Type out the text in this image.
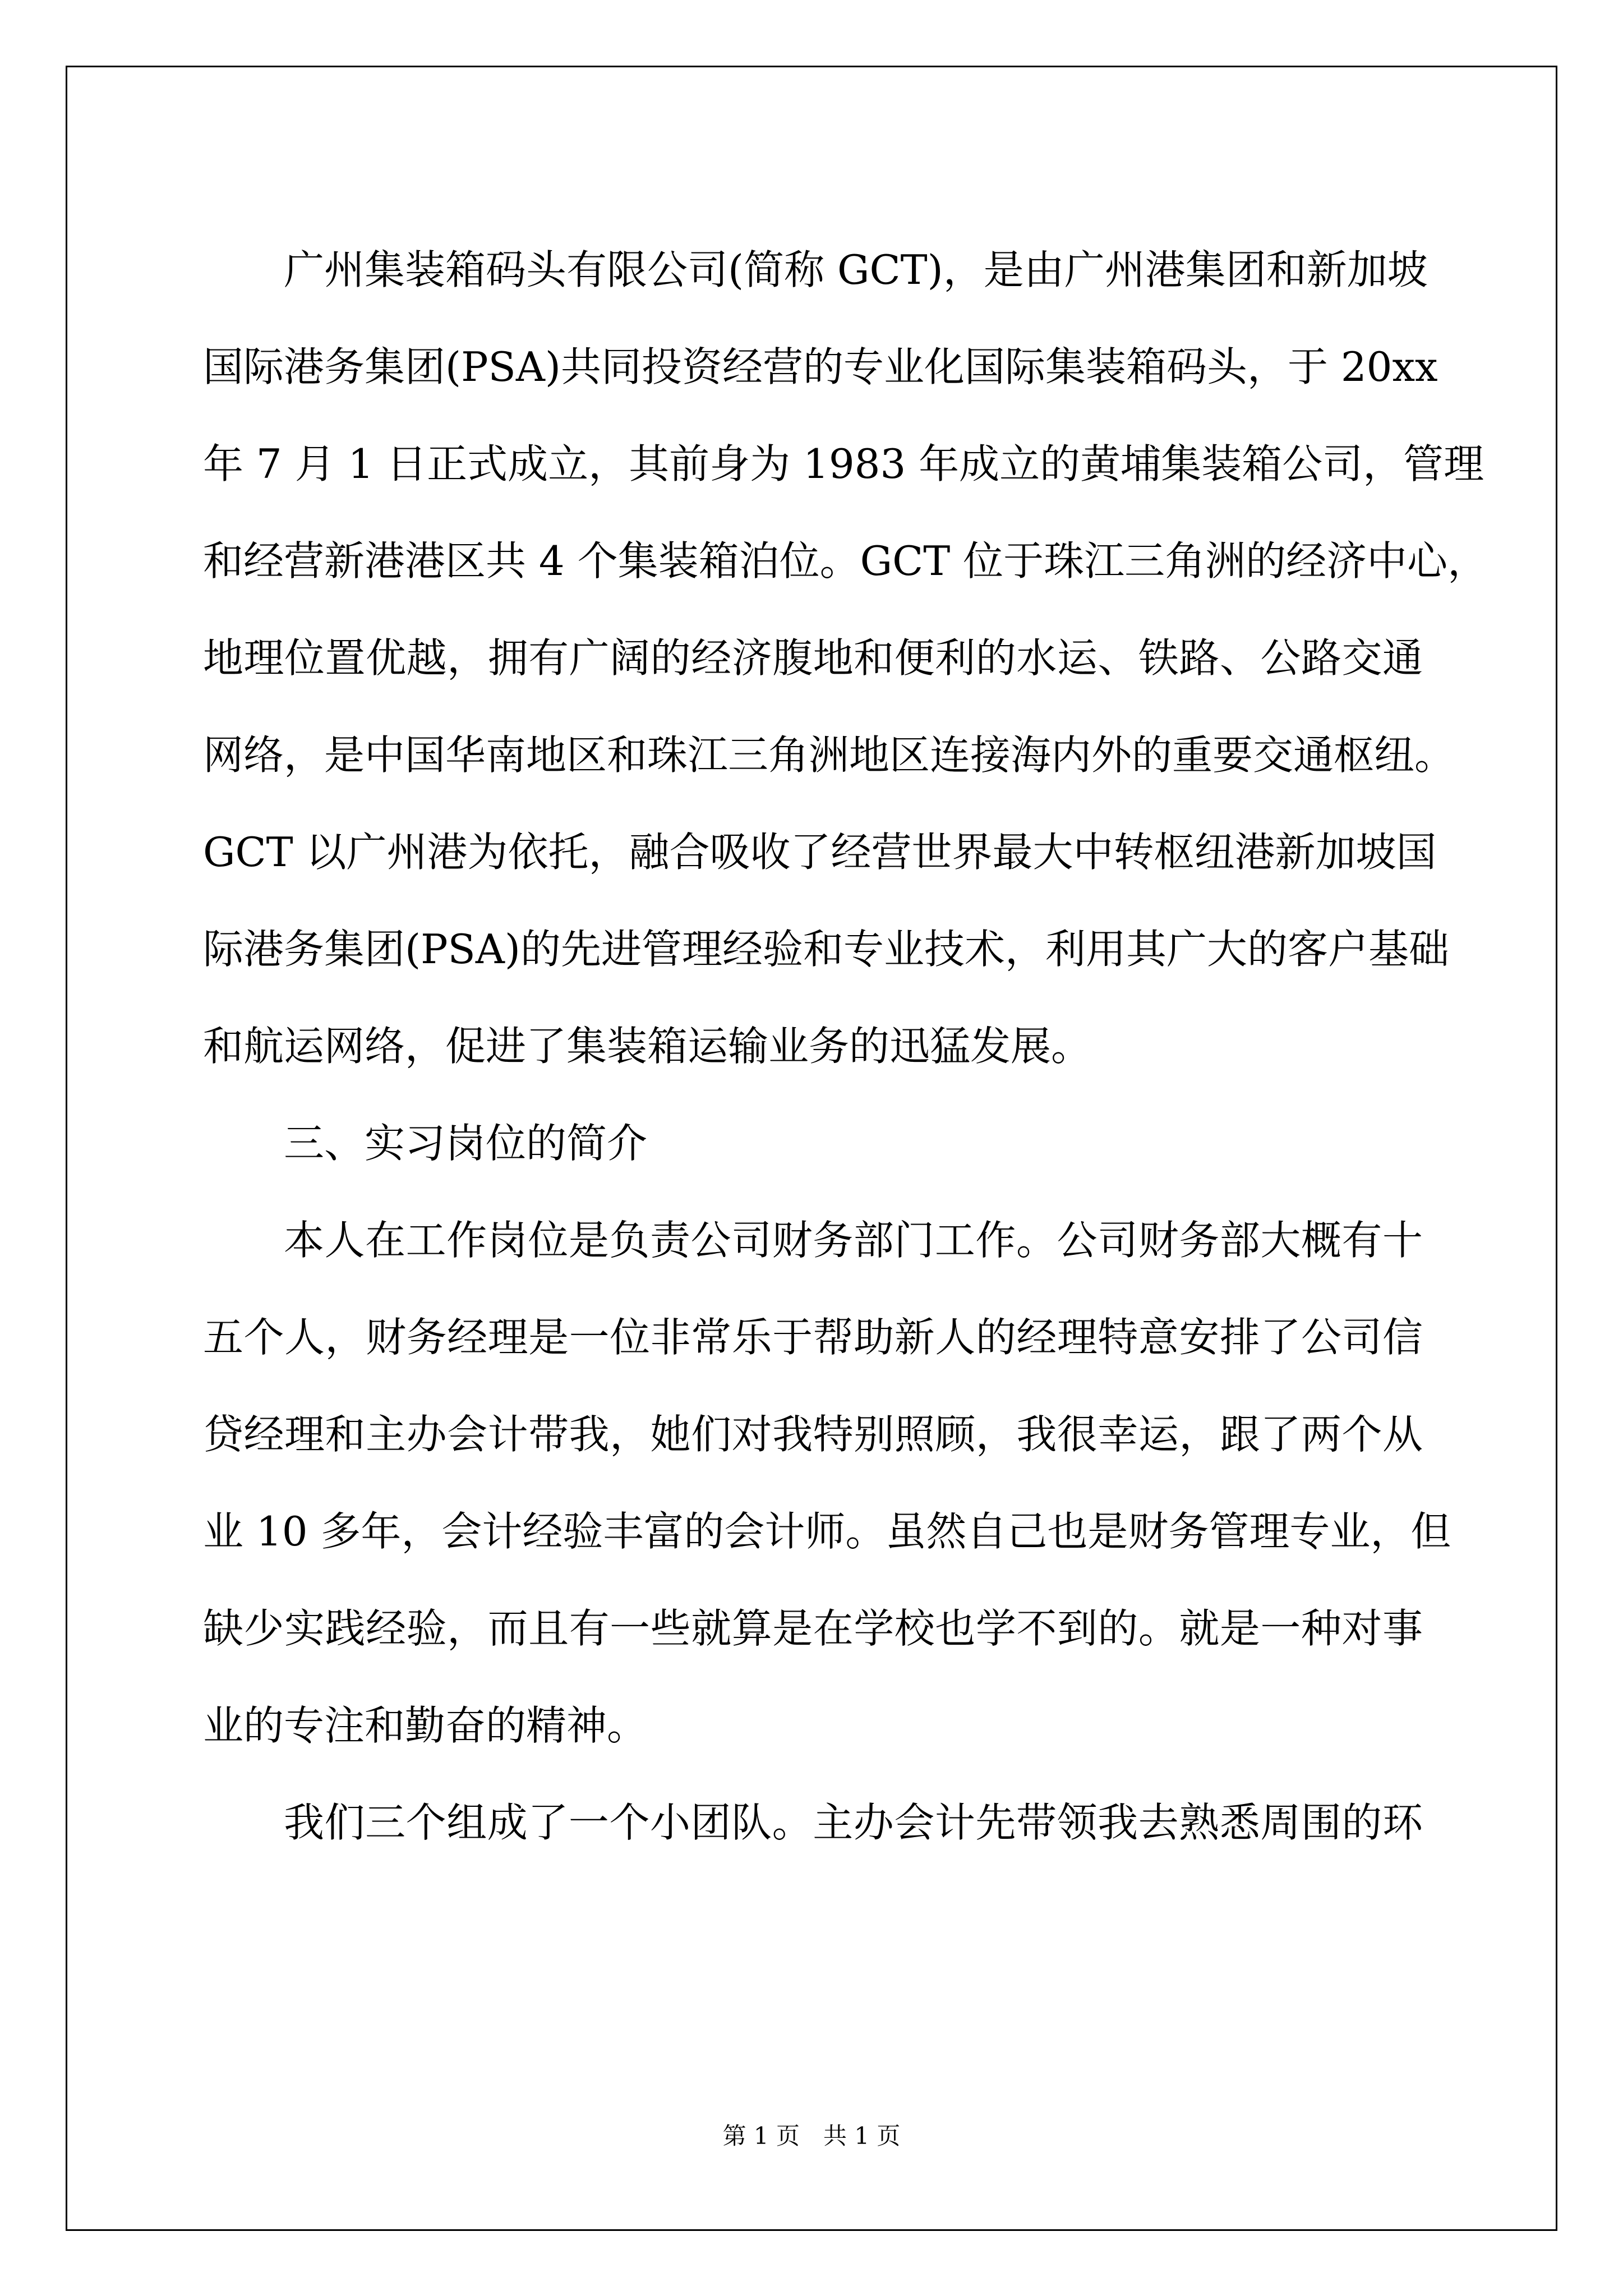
广州集装箱码头有限公司(简称 GCT)，是由广州港集团和新加坡
国际港务集团(PSA)共同投资经营的专业化国际集装箱码头，于 20xx
年 7 月 1 日正式成立，其前身为 1983 年成立的黄埔集装箱公司，管理
和经营新港港区共 4 个集装箱泊位。GCT 位于珠江三角洲的经济中心，
地理位置优越，拥有广阔的经济腹地和便利的水运、铁路、公路交通
网络，是中国华南地区和珠江三角洲地区连接海内外的重要交通枢纽。
GCT 以广州港为依托，融合吸收了经营世界最大中转枢纽港新加坡国
际港务集团(PSA)的先进管理经验和专业技术，利用其广大的客户基础
和航运网络，促进了集装箱运输业务的迅猛发展。
三、实习岗位的简介
本人在工作岗位是负责公司财务部门工作。公司财务部大概有十
五个人，财务经理是一位非常乐于帮助新人的经理特意安排了公司信
贷经理和主办会计带我，她们对我特别照顾，我很幸运，跟了两个从
业 10 多年，会计经验丰富的会计师。虽然自己也是财务管理专业，但
缺少实践经验，而且有一些就算是在学校也学不到的。就是一种对事
业的专注和勤奋的精神。
我们三个组成了一个小团队。主办会计先带领我去熟悉周围的环
第 1 页　共 1 页
